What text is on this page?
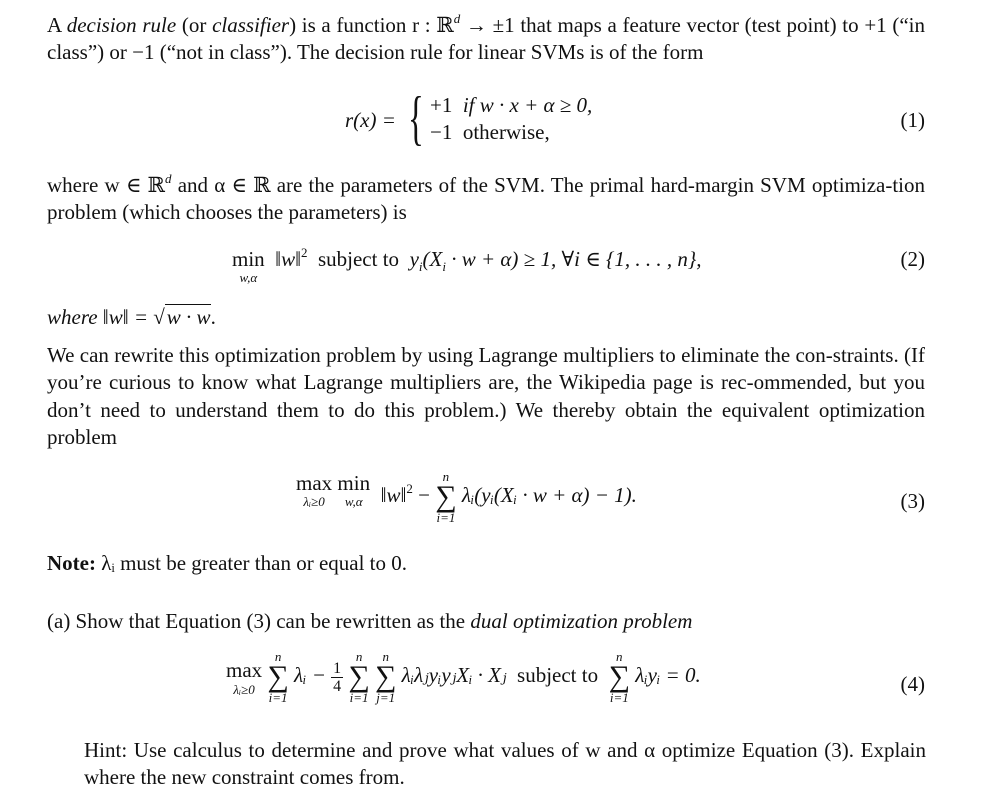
A decision rule (or classifier) is a function r : ℝ$^d$ → ±1 that maps a feature vector (test point) to +1 (“in class”) or −1 (“not in class”). The decision rule for linear SVMs is of the form

r(x) = { +1 if w · x + α ≥ 0,
−1 otherwise,	(1)

where w ∈ ℝ$^d$ and α ∈ ℝ are the parameters of the SVM. The primal hard-margin SVM optimiza-tion problem (which chooses the parameters) is

min
w,α
‖w‖$^2$ subject to $y_i(X_i \cdot w + \alpha) \ge 1$, ∀i ∈ {1, . . . , n},	(2)

where ‖w‖ = √w · w.

We can rewrite this optimization problem by using Lagrange multipliers to eliminate the con-straints. (If you’re curious to know what Lagrange multipliers are, the Wikipedia page is rec-ommended, but you don’t need to understand them to do this problem.) We thereby obtain the equivalent optimization problem

max
λᵢ≥0
min
w,α ‖w‖$^2$ −
n
∑
i=1
λᵢ(yᵢ(Xᵢ · w + α) − 1).	(3)

Note: λᵢ must be greater than or equal to 0.

(a) Show that Equation (3) can be rewritten as the dual optimization problem

max
λᵢ≥0

n
∑
i=1
λᵢ − $\frac{1}{4}$

n
∑
i=1

n
∑
j=1
λᵢλⱼyᵢyⱼXᵢ · Xⱼ subject to
n
∑
i=1
λᵢyᵢ = 0.	(4)

Hint: Use calculus to determine and prove what values of w and α optimize Equation (3). Explain where the new constraint comes from.
